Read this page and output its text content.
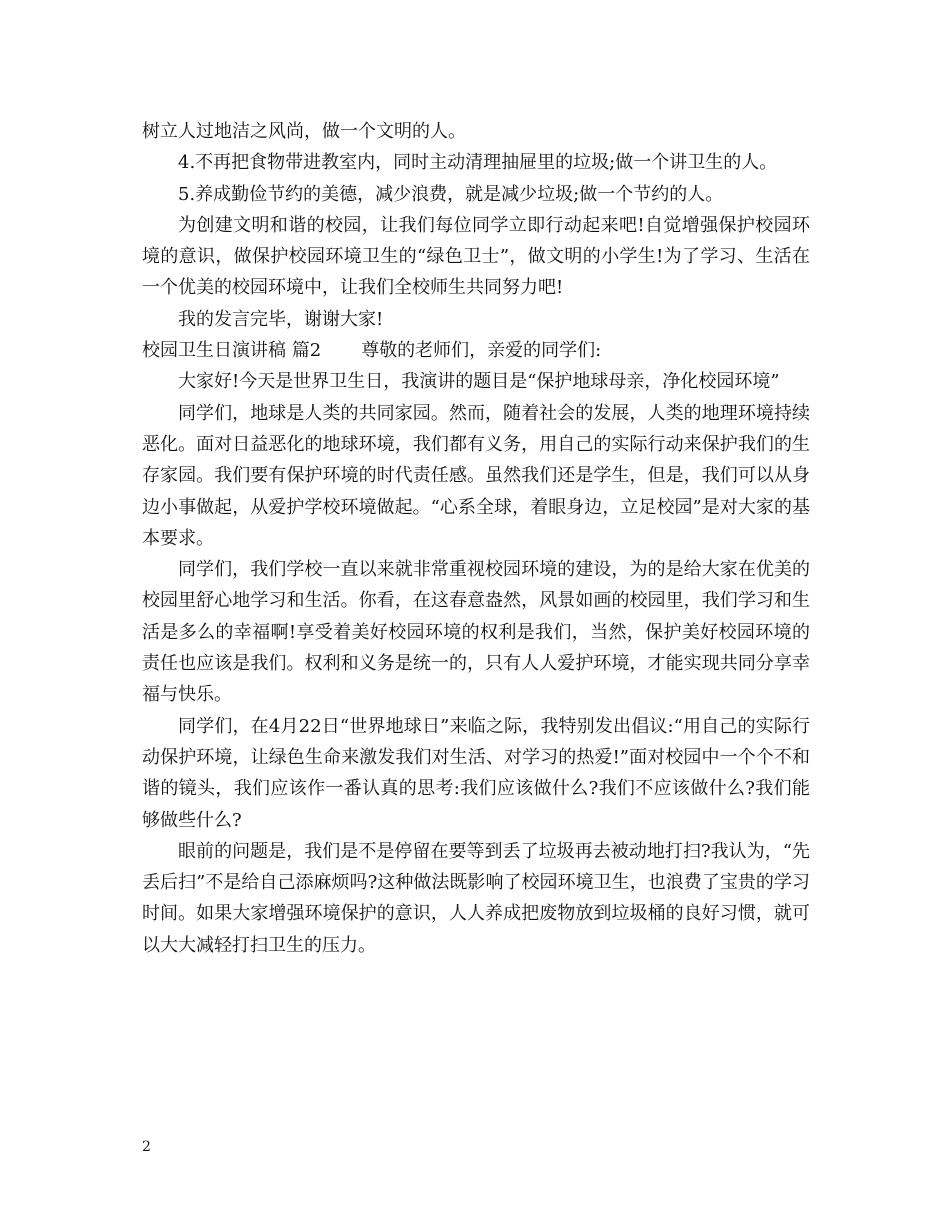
树立人过地洁之风尚，做一个文明的人。

4.不再把食物带进教室内，同时主动清理抽屉里的垃圾;做一个讲卫生的人。

5.养成勤俭节约的美德，减少浪费，就是减少垃圾;做一个节约的人。

为创建文明和谐的校园，让我们每位同学立即行动起来吧!自觉增强保护校园环境的意识，做保护校园环境卫生的“绿色卫士”，做文明的小学生!为了学习、生活在一个优美的校园环境中，让我们全校师生共同努力吧!

我的发言完毕，谢谢大家!

校园卫生日演讲稿 篇2 尊敬的老师们，亲爱的同学们:

大家好!今天是世界卫生日，我演讲的题目是“保护地球母亲，净化校园环境”

同学们，地球是人类的共同家园。然而，随着社会的发展，人类的地理环境持续恶化。面对日益恶化的地球环境，我们都有义务，用自己的实际行动来保护我们的生存家园。我们要有保护环境的时代责任感。虽然我们还是学生，但是，我们可以从身边小事做起，从爱护学校环境做起。“心系全球，着眼身边，立足校园”是对大家的基本要求。

同学们，我们学校一直以来就非常重视校园环境的建设，为的是给大家在优美的校园里舒心地学习和生活。你看，在这春意盎然，风景如画的校园里，我们学习和生活是多么的幸福啊!享受着美好校园环境的权利是我们，当然，保护美好校园环境的责任也应该是我们。权利和义务是统一的，只有人人爱护环境，才能实现共同分享幸福与快乐。

同学们，在4月22日“世界地球日”来临之际，我特别发出倡议:“用自己的实际行动保护环境，让绿色生命来激发我们对生活、对学习的热爱!”面对校园中一个个不和谐的镜头，我们应该作一番认真的思考:我们应该做什么?我们不应该做什么?我们能够做些什么?

眼前的问题是，我们是不是停留在要等到丢了垃圾再去被动地打扫?我认为，“先丢后扫”不是给自己添麻烦吗?这种做法既影响了校园环境卫生，也浪费了宝贵的学习时间。如果大家增强环境保护的意识，人人养成把废物放到垃圾桶的良好习惯，就可以大大减轻打扫卫生的压力。

2
